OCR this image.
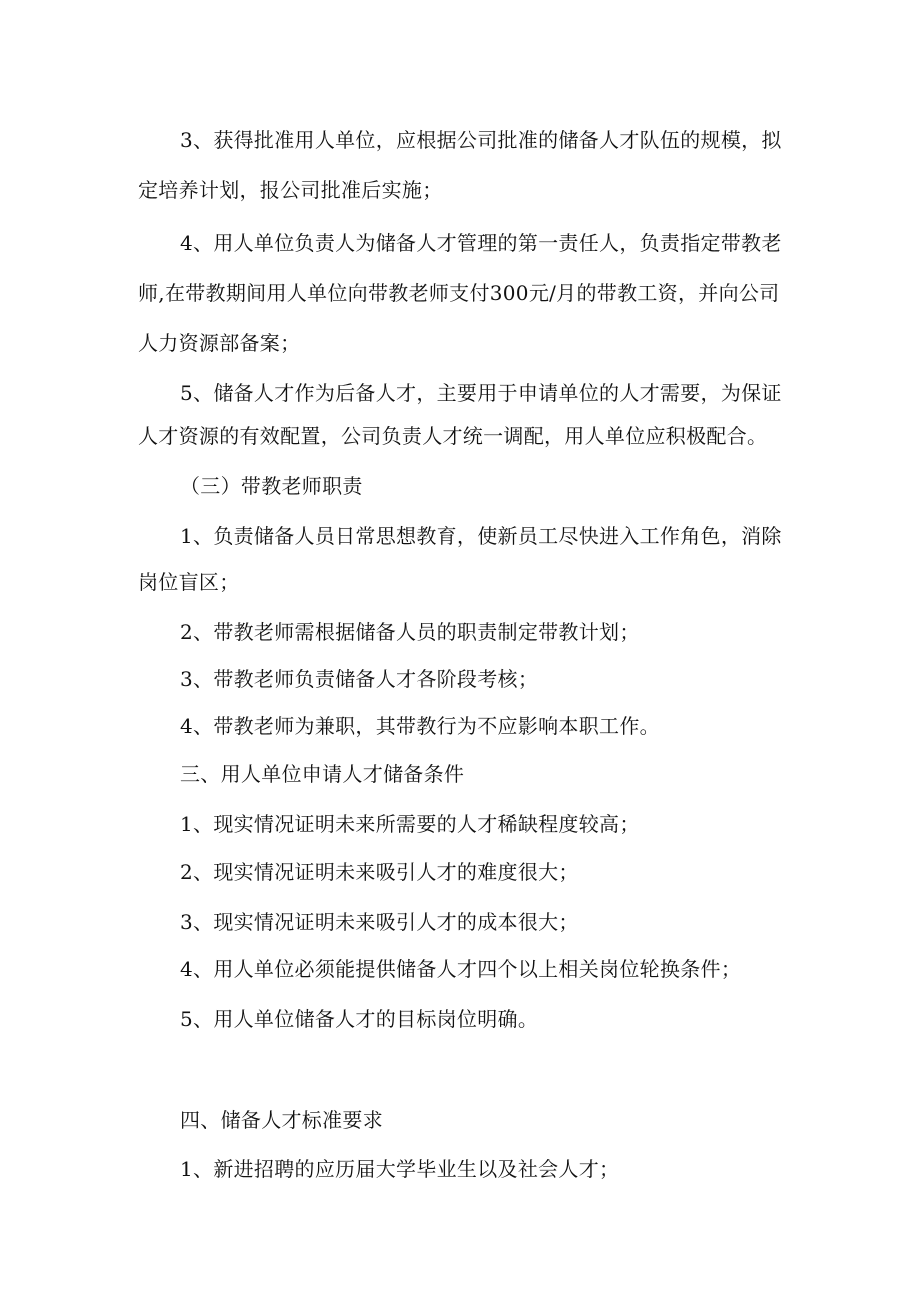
3、获得批准用人单位，应根据公司批准的储备人才队伍的规模，拟
定培养计划，报公司批准后实施；
4、用人单位负责人为储备人才管理的第一责任人，负责指定带教老
师,在带教期间用人单位向带教老师支付300元/月的带教工资，并向公司
人力资源部备案；
5、储备人才作为后备人才，主要用于申请单位的人才需要，为保证
人才资源的有效配置，公司负责人才统一调配，用人单位应积极配合。
（三）带教老师职责
1、负责储备人员日常思想教育，使新员工尽快进入工作角色，消除
岗位盲区；
2、带教老师需根据储备人员的职责制定带教计划；
3、带教老师负责储备人才各阶段考核；
4、带教老师为兼职，其带教行为不应影响本职工作。
三、用人单位申请人才储备条件
1、现实情况证明未来所需要的人才稀缺程度较高；
2、现实情况证明未来吸引人才的难度很大；
3、现实情况证明未来吸引人才的成本很大；
4、用人单位必须能提供储备人才四个以上相关岗位轮换条件；
5、用人单位储备人才的目标岗位明确。
四、储备人才标准要求
1、新进招聘的应历届大学毕业生以及社会人才；
